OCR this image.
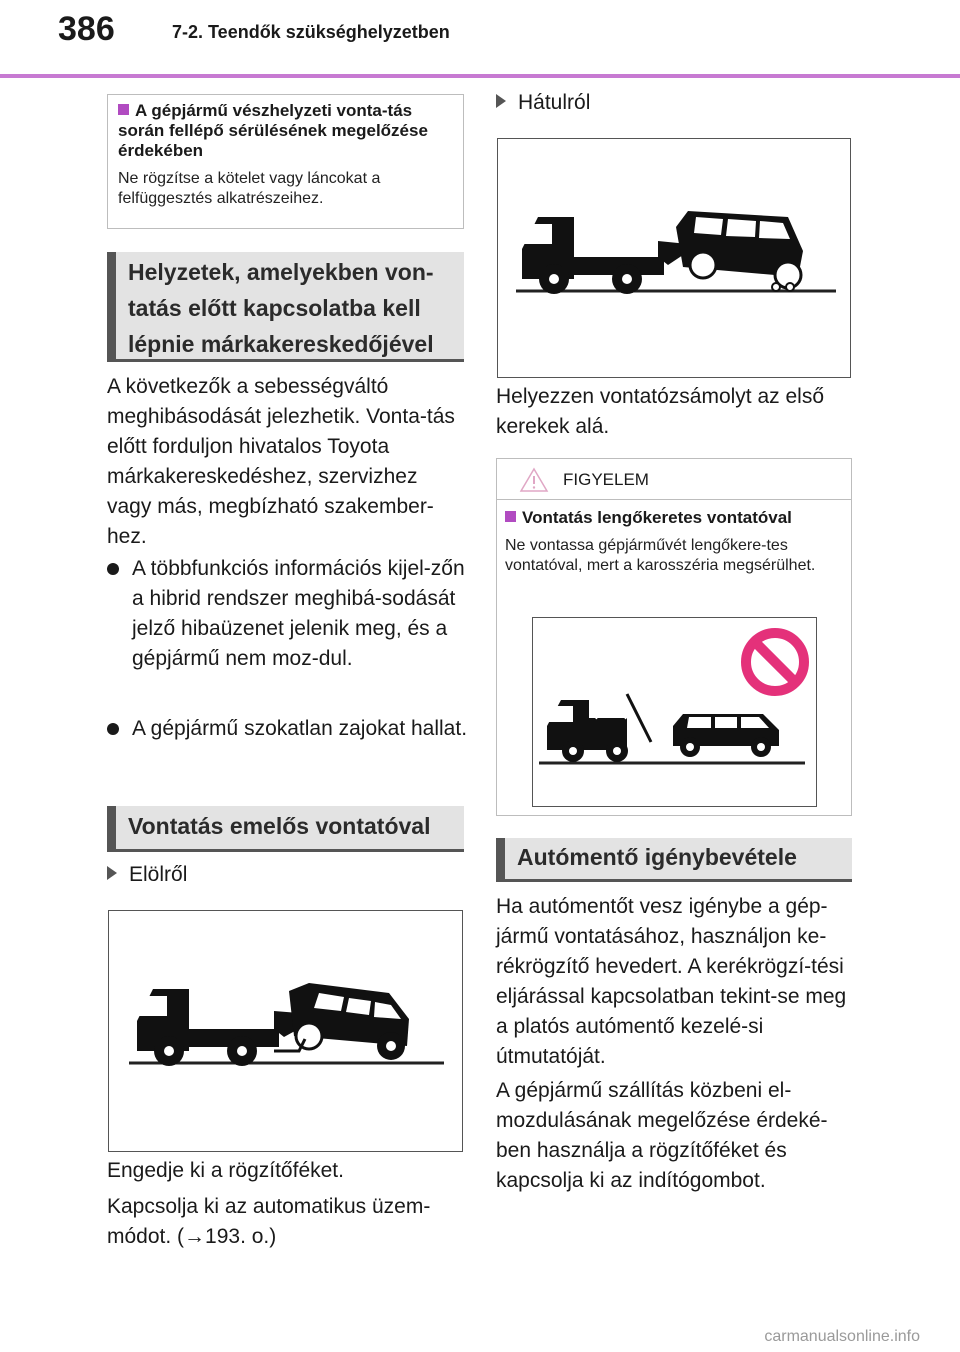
386	7-2. Teendők szükséghelyzetben
A gépjármű vészhelyzeti vonta-tás során fellépő sérülésének megelőzése érdekében
Ne rögzítse a kötelet vagy láncokat a felfüggesztés alkatrészeihez.
Helyzetek, amelyekben von-tatás előtt kapcsolatba kell lépnie márkakereskedőjével
A következők a sebességváltó meghibásodását jelezhetik. Vonta-tás előtt forduljon hivatalos Toyota márkakereskedéshez, szervizhez vagy más, megbízható szakember-hez.
A többfunkciós információs kijel-zőn a hibrid rendszer meghibá-sodását jelző hibaüzenet jelenik meg, és a gépjármű nem moz-dul.
A gépjármű szokatlan zajokat hallat.
Vontatás emelős vontatóval
Elölről
Engedje ki a rögzítőféket.
Kapcsolja ki az automatikus üzem-módot. (→193. o.)
Hátulról
Helyezzen vontatózsámolyt az első kerekek alá.
FIGYELEM
Vontatás lengőkeretes vontatóval
Ne vontassa gépjárművét lengőkere-tes vontatóval, mert a karosszéria megsérülhet.
Autómentő igénybevétele
Ha autómentőt vesz igénybe a gép-jármű vontatásához, használjon ke-rékrögzítő hevedert. A kerékrögzí-tési eljárással kapcsolatban tekint-se meg a platós autómentő kezelé-si útmutatóját.
A gépjármű szállítás közbeni el-mozdulásának megelőzése érdeké-ben használja a rögzítőféket és kapcsolja ki az indítógombot.
carmanualsonline.info
